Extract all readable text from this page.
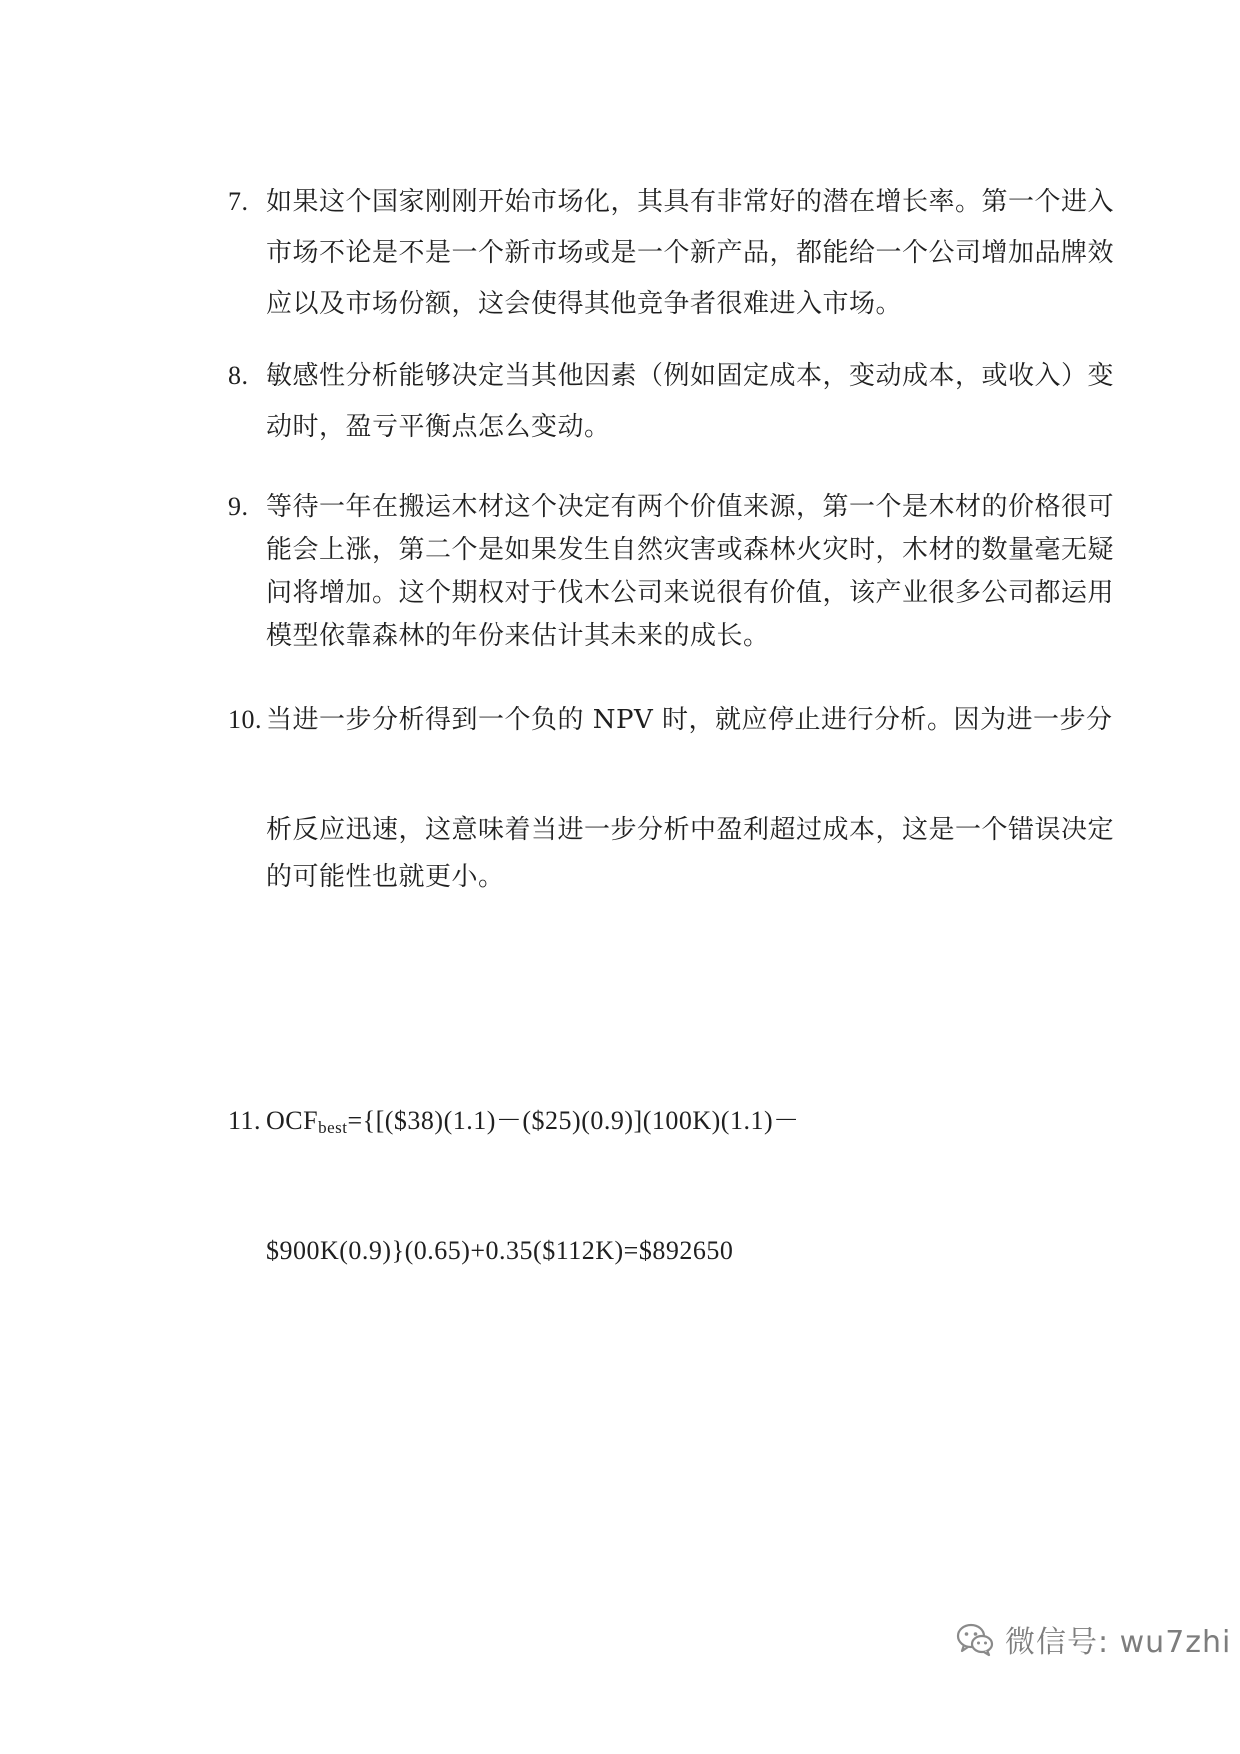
7. 如果这个国家刚刚开始市场化，其具有非常好的潜在增长率。第一个进入
市场不论是不是一个新市场或是一个新产品，都能给一个公司增加品牌效
应以及市场份额，这会使得其他竞争者很难进入市场。
8. 敏感性分析能够决定当其他因素（例如固定成本，变动成本，或收入）变
动时，盈亏平衡点怎么变动。
9. 等待一年在搬运木材这个决定有两个价值来源，第一个是木材的价格很可
能会上涨，第二个是如果发生自然灾害或森林火灾时，木材的数量毫无疑
问将增加。这个期权对于伐木公司来说很有价值，该产业很多公司都运用
模型依靠森林的年份来估计其未来的成长。
10. 当进一步分析得到一个负的 NPV 时，就应停止进行分析。因为进一步分
析反应迅速，这意味着当进一步分析中盈利超过成本，这是一个错误决定
的可能性也就更小。
11. $OCF_{best}=\{[(\$38)(1.1)-(\$25)(0.9)](100K)(1.1)-$
$900K(0.9)}(0.65)+0.35($112K)=$892650
微信号: wu7zhi
